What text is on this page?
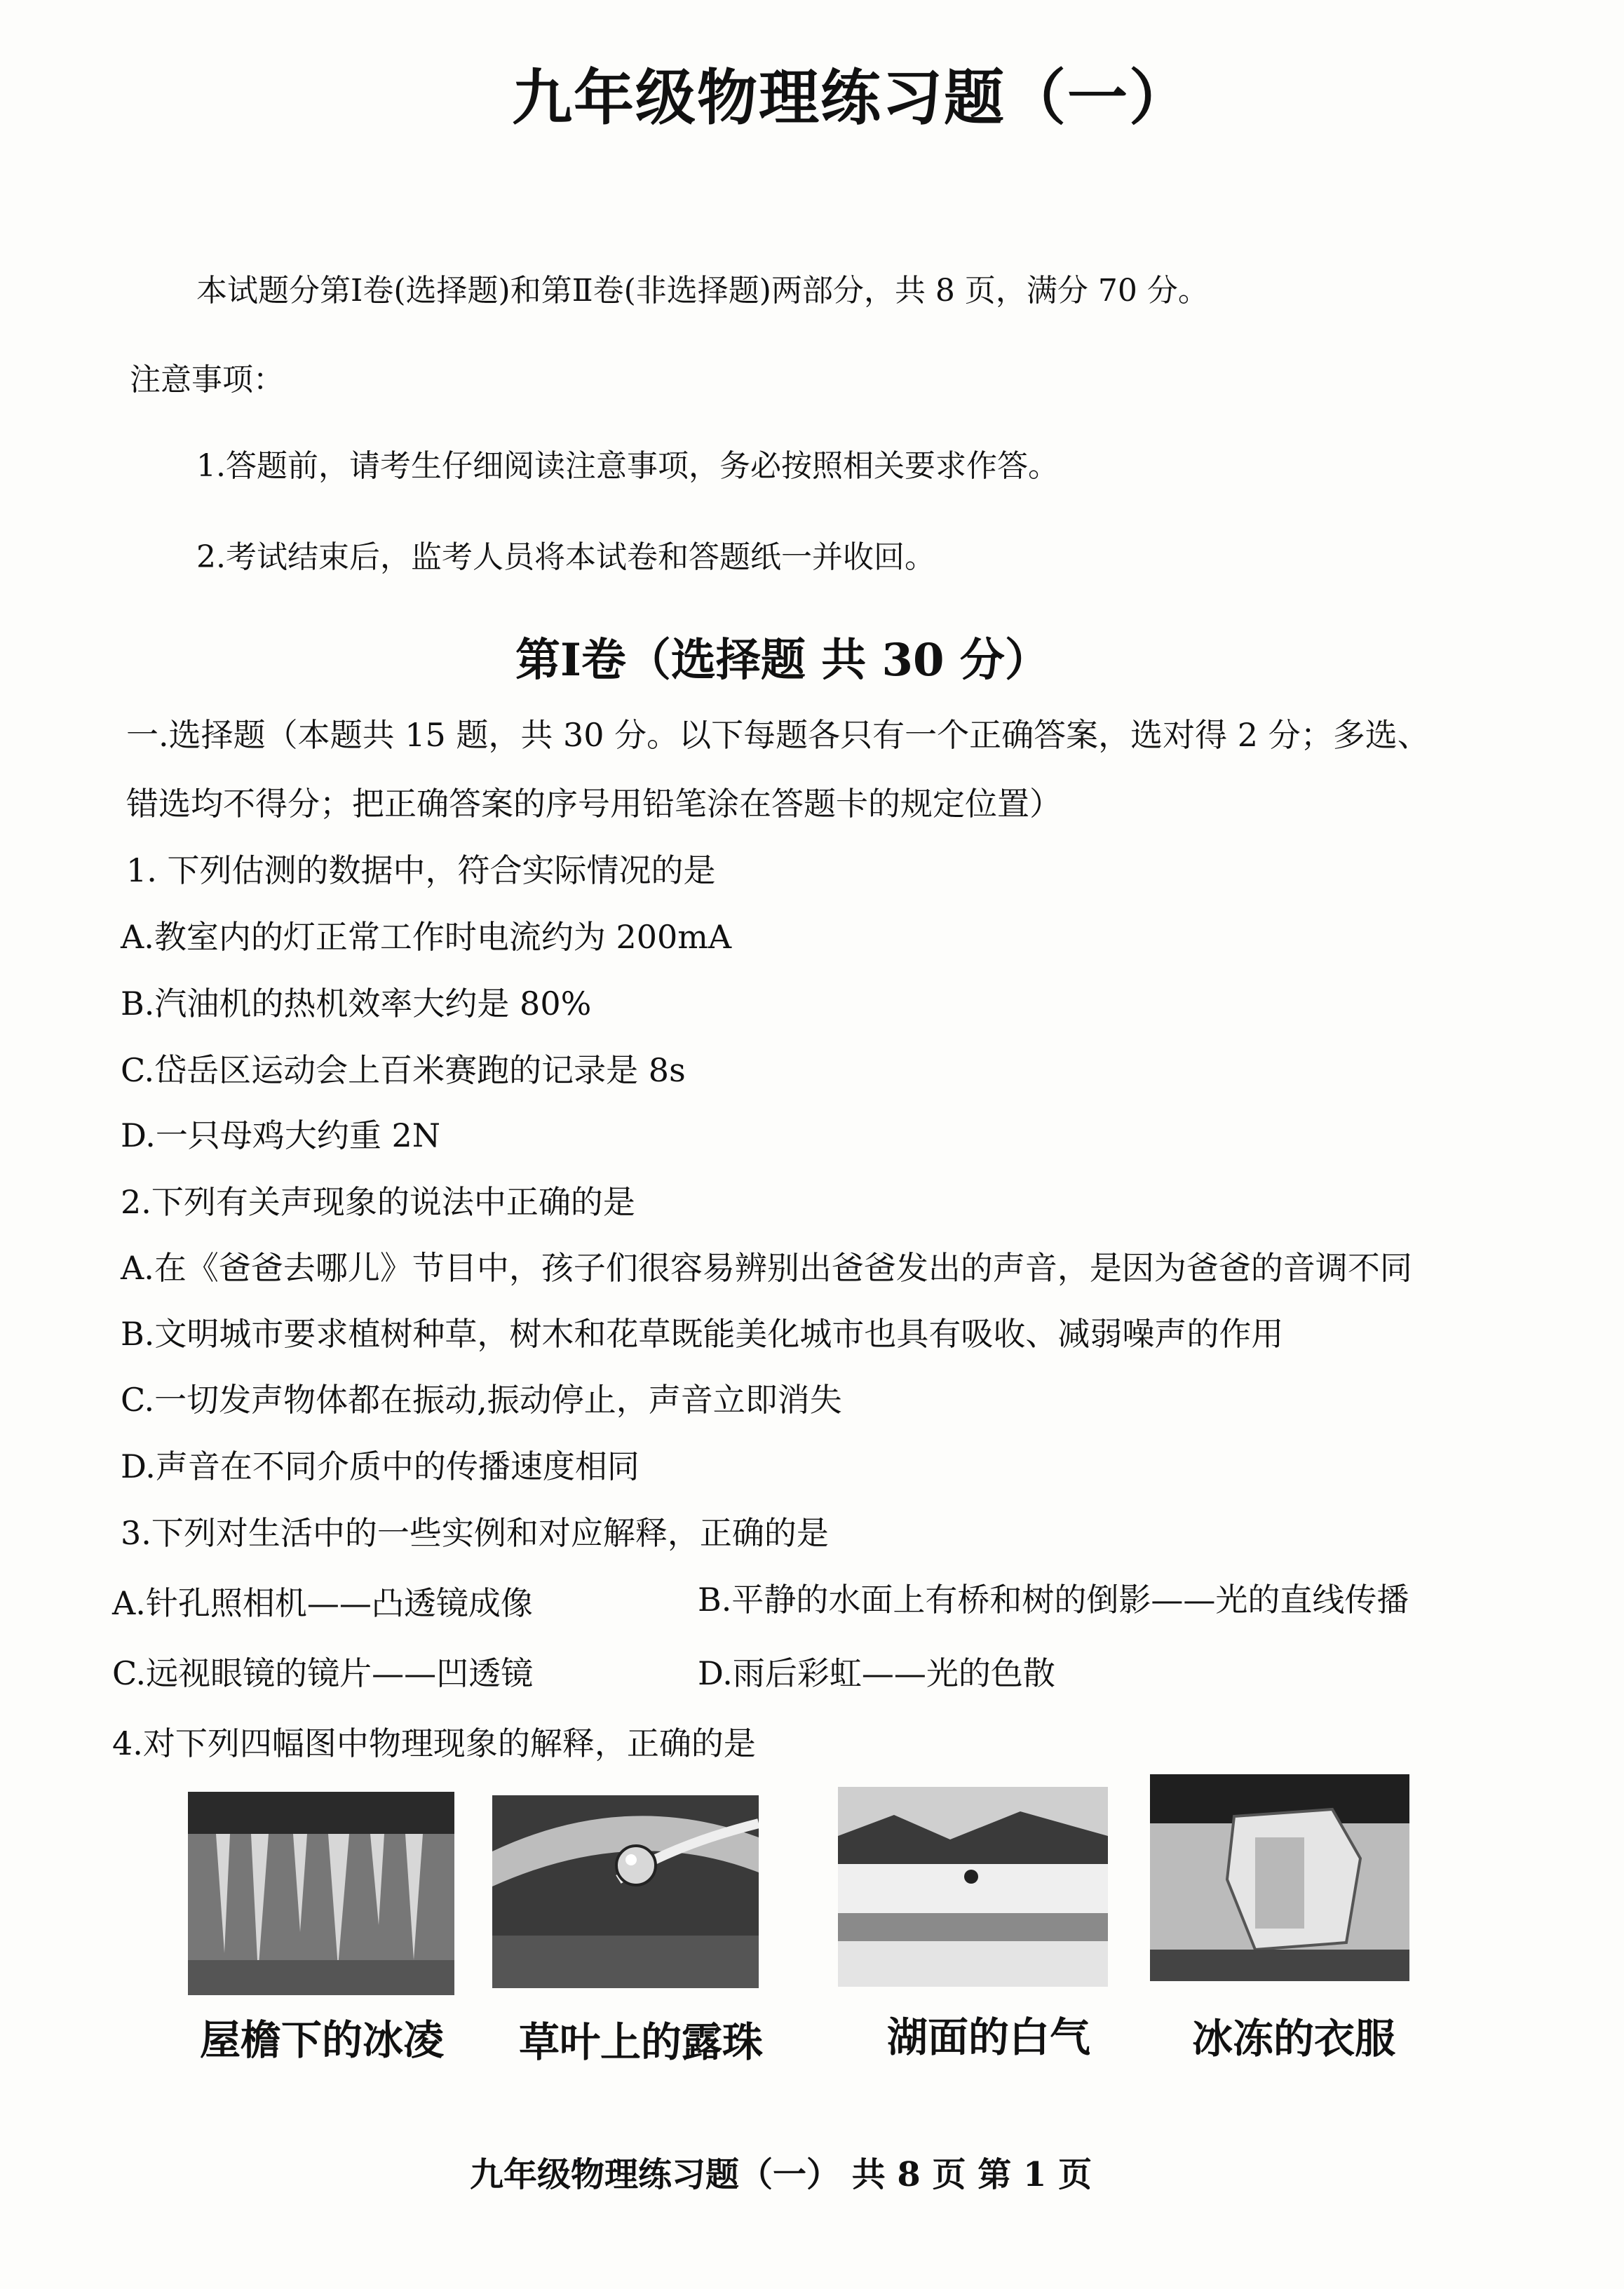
九年级物理练习题（一）
本试题分第Ⅰ卷(选择题)和第Ⅱ卷(非选择题)两部分，共 8 页，满分 70 分。
注意事项：
1.答题前，请考生仔细阅读注意事项，务必按照相关要求作答。
2.考试结束后，监考人员将本试卷和答题纸一并收回。
第Ⅰ卷（选择题 共 30 分）
一.选择题（本题共 15 题，共 30 分。以下每题各只有一个正确答案，选对得 2 分；多选、
错选均不得分；把正确答案的序号用铅笔涂在答题卡的规定位置）
1. 下列估测的数据中，符合实际情况的是
A.教室内的灯正常工作时电流约为 200mA
B.汽油机的热机效率大约是 80%
C.岱岳区运动会上百米赛跑的记录是 8s
D.一只母鸡大约重 2N
2.下列有关声现象的说法中正确的是
A.在《爸爸去哪儿》节目中，孩子们很容易辨别出爸爸发出的声音，是因为爸爸的音调不同
B.文明城市要求植树种草，树木和花草既能美化城市也具有吸收、减弱噪声的作用
C.一切发声物体都在振动,振动停止，声音立即消失
D.声音在不同介质中的传播速度相同
3.下列对生活中的一些实例和对应解释，正确的是
A.针孔照相机——凸透镜成像	B.平静的水面上有桥和树的倒影——光的直线传播
C.远视眼镜的镜片——凹透镜	D.雨后彩虹——光的色散
4.对下列四幅图中物理现象的解释，正确的是
屋檐下的冰凌 草叶上的露珠	湖面的白气 冰冻的衣服
九年级物理练习题（一） 共 8 页 第 1 页
